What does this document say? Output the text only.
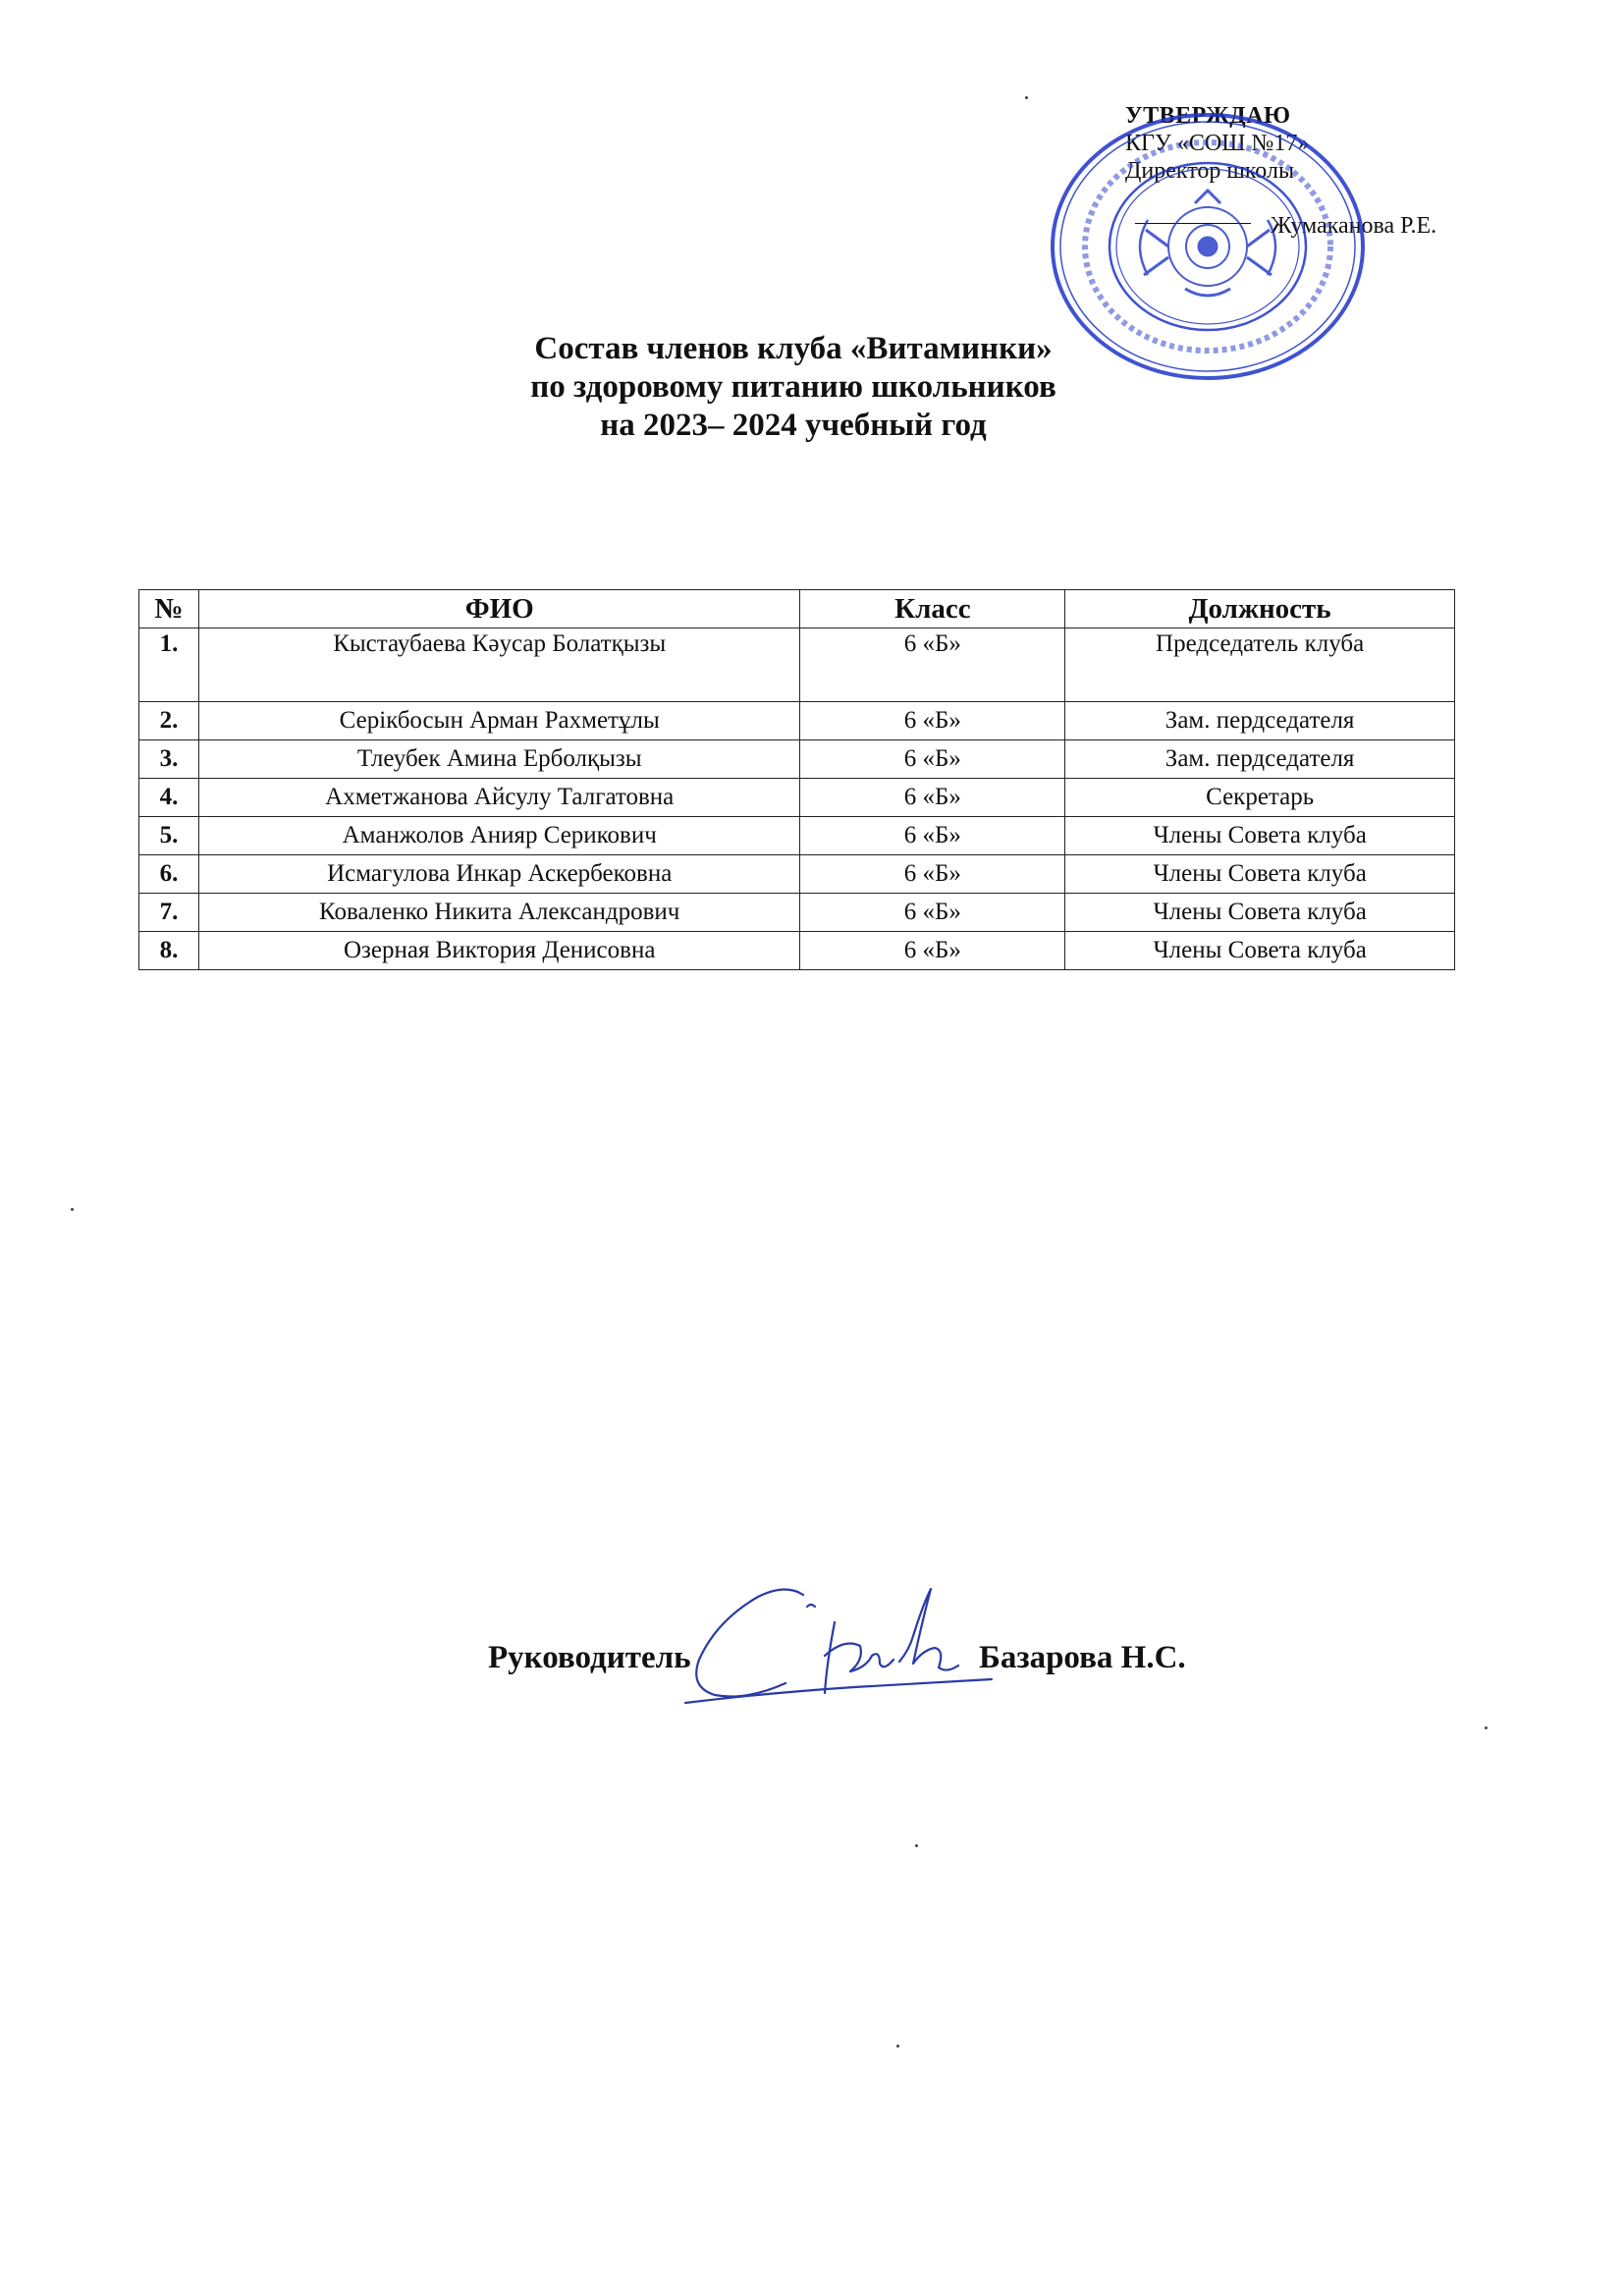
УТВЕРЖДАЮ
КГУ «СОШ №17»
Директор школы
Жумаканова Р.Е.
Состав членов клуба «Витаминки»
по здоровому питанию школьников
на 2023– 2024 учебный год
№	ФИО	Класс	Должность
1.	Кыстаубаева Кәусар Болатқызы	6 «Б»	Председатель клуба
2.	Серікбосын Арман Рахметұлы	6 «Б»	Зам. пердседателя
3.	Тлеубек Амина Ерболқызы	6 «Б»	Зам. пердседателя
4.	Ахметжанова Айсулу Талгатовна	6 «Б»	Секретарь
5.	Аманжолов Анияр Серикович	6 «Б»	Члены Совета клуба
6.	Исмагулова Инкар Аскербековна	6 «Б»	Члены Совета клуба
7.	Коваленко Никита Александрович	6 «Б»	Члены Совета клуба
8.	Озерная Виктория Денисовна	6 «Б»	Члены Совета клуба
Руководитель	Базарова Н.С.
